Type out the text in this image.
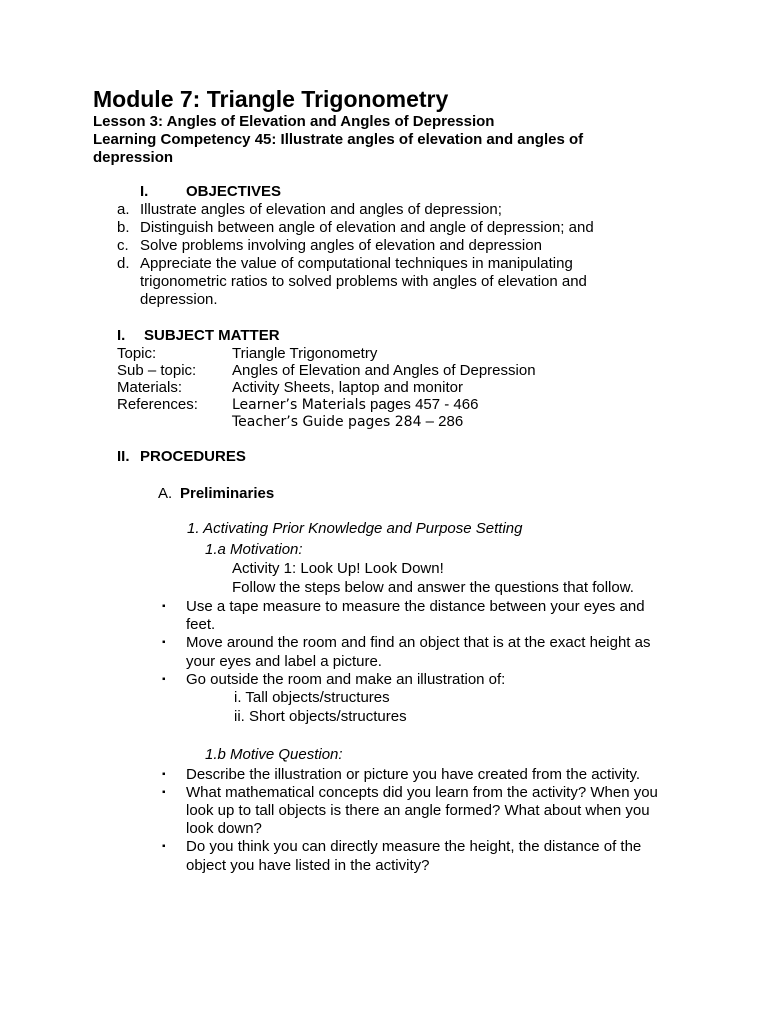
Module 7: Triangle Trigonometry
Lesson 3: Angles of Elevation and Angles of Depression
Learning Competency 45: Illustrate angles of elevation and angles of
depression
I.	OBJECTIVES
a. Illustrate angles of elevation and angles of depression;
b. Distinguish between angle of elevation and angle of depression; and
c. Solve problems involving angles of elevation and depression
d. Appreciate the value of computational techniques in manipulating
trigonometric ratios to solved problems with angles of elevation and
depression.
I. SUBJECT MATTER
Topic:	Triangle Trigonometry
Sub – topic: Angles of Elevation and Angles of Depression
Materials:	Activity Sheets, laptop and monitor
References: Learner’s Materials pages 457 - 466
Teacher’s Guide pages 284 – 286
II. PROCEDURES
A. Preliminaries
1. Activating Prior Knowledge and Purpose Setting
1.a Motivation:
Activity 1: Look Up! Look Down!
Follow the steps below and answer the questions that follow.
▪ Use a tape measure to measure the distance between your eyes and
feet.
▪ Move around the room and find an object that is at the exact height as
your eyes and label a picture.
▪ Go outside the room and make an illustration of:
i. Tall objects/structures
ii. Short objects/structures
1.b Motive Question:
▪ Describe the illustration or picture you have created from the activity.
▪ What mathematical concepts did you learn from the activity? When you
look up to tall objects is there an angle formed? What about when you
look down?
▪ Do you think you can directly measure the height, the distance of the
object you have listed in the activity?
